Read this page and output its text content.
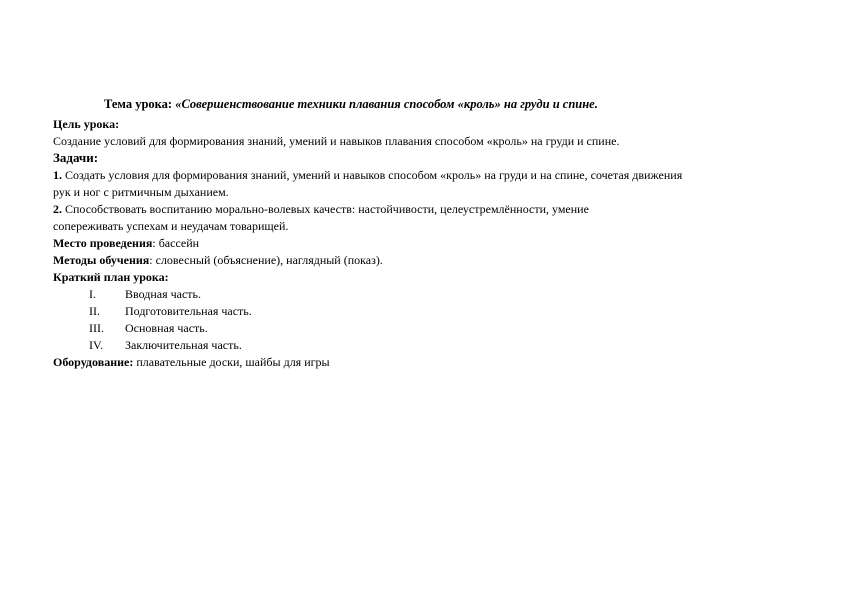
Тема урока: «Совершенствование техники плавания способом «кроль» на груди и спине.
Цель урока:
Создание условий для формирования знаний, умений и навыков плавания способом «кроль» на груди и спине.
Задачи:
1. Создать условия для формирования знаний, умений и навыков способом «кроль» на груди и на спине, сочетая движения
рук и ног с ритмичным дыханием.
2. Способствовать воспитанию морально-волевых качеств: настойчивости, целеустремлённости, умение
сопереживать успехам и неудачам товарищей.
Место проведения: бассейн
Методы обучения: словесный (объяснение), наглядный (показ).
Краткий план урока:
I.	Вводная часть.
II.	Подготовительная часть.
III.	Основная часть.
IV.	Заключительная часть.
Оборудование: плавательные доски, шайбы для игры
